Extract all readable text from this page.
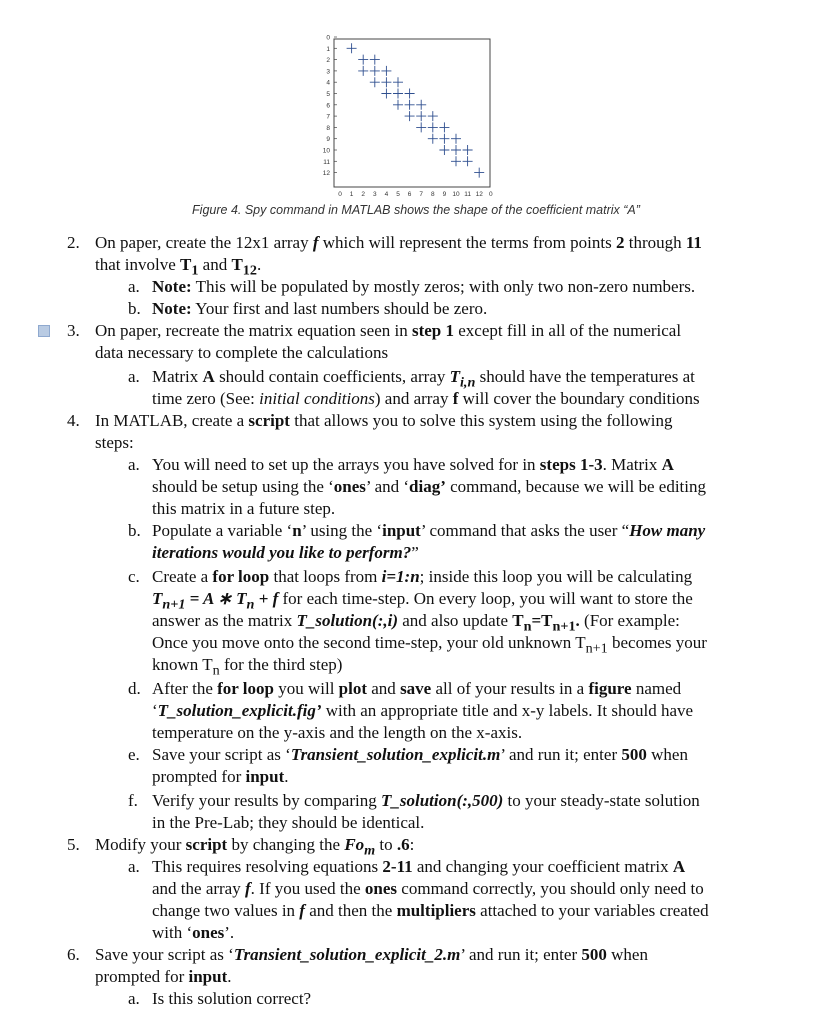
0
1
2
3
4
5
6
7
8
9
10
11
12
0 1 2 3 4 5 6 7 8 9 10 11 12 0
Figure 4. Spy command in MATLAB shows the shape of the coefficient matrix “A”
2. On paper, create the 12x1 array f which will represent the terms from points 2 through 11
that involve $T_1$ and $T_{12}$.
a. Note: This will be populated by mostly zeros; with only two non-zero numbers.
b. Note: Your first and last numbers should be zero.
3. On paper, recreate the matrix equation seen in step 1 except fill in all of the numerical
data necessary to complete the calculations
a. Matrix A should contain coefficients, array $T_{i,n}$ should have the temperatures at
time zero (See: initial conditions) and array f will cover the boundary conditions
4. In MATLAB, create a script that allows you to solve this system using the following
steps:
a. You will need to set up the arrays you have solved for in steps 1-3. Matrix A
should be setup using the ‘ones’ and ‘diag’ command, because we will be editing
this matrix in a future step.
b. Populate a variable ‘n’ using the ‘input’ command that asks the user “How many
iterations would you like to perform?”
c. Create a for loop that loops from i=1:n; inside this loop you will be calculating
$T_{n+1} = A$ ∗ $T_n + f$ for each time-step. On every loop, you will want to store the
answer as the matrix T_solution(:,i) and also update $T_n=T_{n+1}$. (For example:
Once you move onto the second time-step, your old unknown $T_{n+1}$ becomes your
known $T_n$ for the third step)
d. After the for loop you will plot and save all of your results in a figure named
‘T_solution_explicit.fig’ with an appropriate title and x-y labels. It should have
temperature on the y-axis and the length on the x-axis.
e. Save your script as ‘Transient_solution_explicit.m’ and run it; enter 500 when
prompted for input.
f. Verify your results by comparing T_solution(:,500) to your steady-state solution
in the Pre-Lab; they should be identical.
5. Modify your script by changing the $Fo_m$ to .6:
a. This requires resolving equations 2-11 and changing your coefficient matrix A
and the array f. If you used the ones command correctly, you should only need to
change two values in f and then the multipliers attached to your variables created
with ‘ones’.
6. Save your script as ‘Transient_solution_explicit_2.m’ and run it; enter 500 when
prompted for input.
a. Is this solution correct?
